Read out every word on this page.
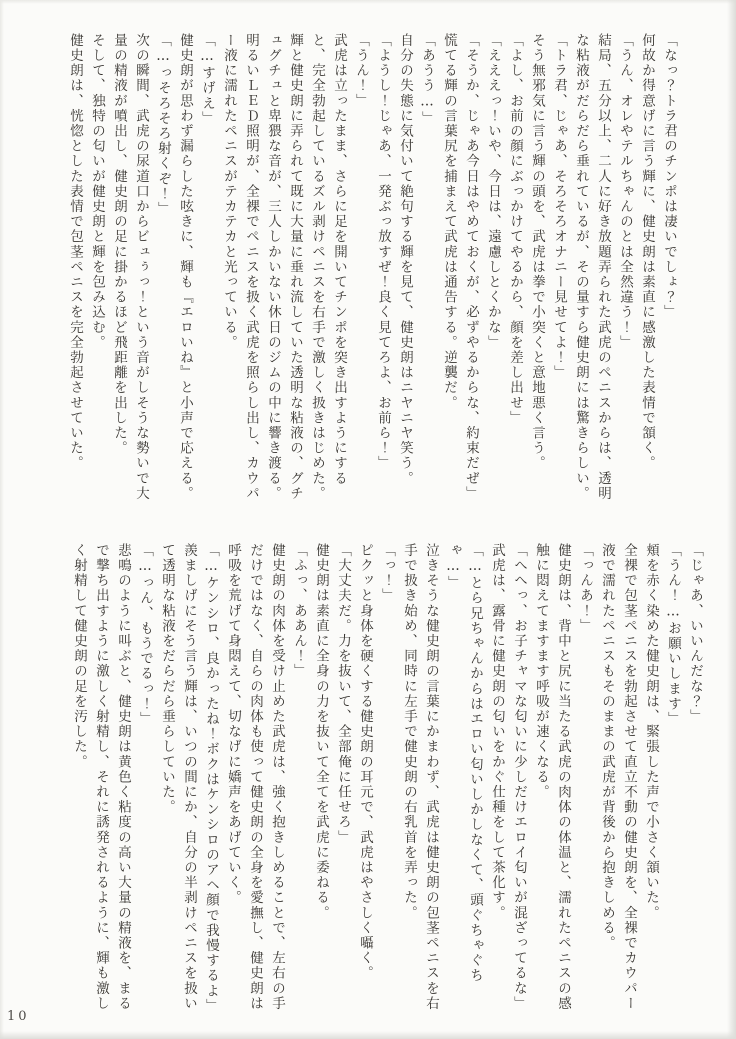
「なっ？トラ君のチンポは凄いでしょ？」

何故か得意げに言う輝に、健史朗は素直に感激した表情で頷く。

「うん、オレやテルちゃんのとは全然違う！」

結局、五分以上、二人に好き放題弄られた武虎のペニスからは、透明な粘液がだらだら垂れているが、その量すら健史朗には驚きらしい。

「トラ君、じゃあ、そろそろオナニー見せてよ！」

そう無邪気に言う輝の頭を、武虎は拳で小突くと意地悪く言う。

「よし、お前の顔にぶっかけてやるから、顔を差し出せ」

「えええっ！いや、今日は、遠慮しとくかな」

「そうか、じゃあ今日はやめておくが、必ずやるからな、約束だぜ」

慌てる輝の言葉尻を捕まえて武虎は通告する。逆襲だ。

「あうう…」

自分の失態に気付いて絶句する輝を見て、健史朗はニヤニヤ笑う。

「ようし！じゃあ、一発ぶっ放すぜ！良く見てろよ、お前ら！」

「うん！」

武虎は立ったまま、さらに足を開いてチンポを突き出すようにすると、完全勃起しているズル剥けペニスを右手で激しく扱きはじめた。

輝と健史朗に弄られて既に大量に垂れ流していた透明な粘液の、グチュグチュと卑猥な音が、三人しかいない休日のジムの中に響き渡る。

明るいＬＥＤ照明が、全裸でペニスを扱く武虎を照らし出し、カウパー液に濡れたペニスがテカテカと光っている。

「…すげえ」

健史朗が思わず漏らした呟きに、輝も『エロいね』と小声で応える。

「…っそろそろ射くぞ！」

次の瞬間、武虎の尿道口からビュぅっ！という音がしそうな勢いで大量の精液が噴出し、健史朗の足に掛かるほど飛距離を出した。

そして、独特の匂いが健史朗と輝を包み込む。

健史朗は、恍惚とした表情で包茎ペニスを完全勃起させていた。

「じゃあ、いいんだな？」

「うん！…お願いします」

頬を赤く染めた健史朗は、緊張した声で小さく頷いた。

全裸で包茎ペニスを勃起させて直立不動の健史朗を、全裸でカウパー液で濡れたペニスもそのままの武虎が背後から抱きしめる。

「っんあ！」

健史朗は、背中と尻に当たる武虎の肉体の体温と、濡れたペニスの感触に悶えてますます呼吸が速くなる。

「へへっ、お子チャマな匂いに少しだけエロイ匂いが混ざってるな」

武虎は、露骨に健史朗の匂いをかぐ仕種をして茶化す。

「…とら兄ちゃんからはエロい匂いしかしなくて、頭ぐちゃぐちゃ…」

泣きそうな健史朗の言葉にかまわず、武虎は健史朗の包茎ペニスを右手で扱き始め、同時に左手で健史朗の右乳首を弄った。

「っ！」

ピクッと身体を硬くする健史朗の耳元で、武虎はやさしく囁く。

「大丈夫だ。力を抜いて、全部俺に任せろ」

健史朗は素直に全身の力を抜いて全てを武虎に委ねる。

「ふっ、ああん！」

健史朗の肉体を受け止めた武虎は、強く抱きしめることで、左右の手だけではなく、自らの肉体も使って健史朗の全身を愛撫し、健史朗は呼吸を荒げて身悶えて、切なげに嬌声をあげていく。

「…ケンシロ、良かったね！ボクはケンシロのアヘ顔で我慢するよ」

羨ましげにそう言う輝は、いつの間にか、自分の半剥けペニスを扱いて透明な粘液をだらだら垂らしていた。

「…っん、もうでるっ！」

悲鳴のように叫ぶと、健史朗は黄色く粘度の高い大量の精液を、まるで撃ち出すように激しく射精し、それに誘発されるように、輝も激しく射精して健史朗の足を汚した。

10
